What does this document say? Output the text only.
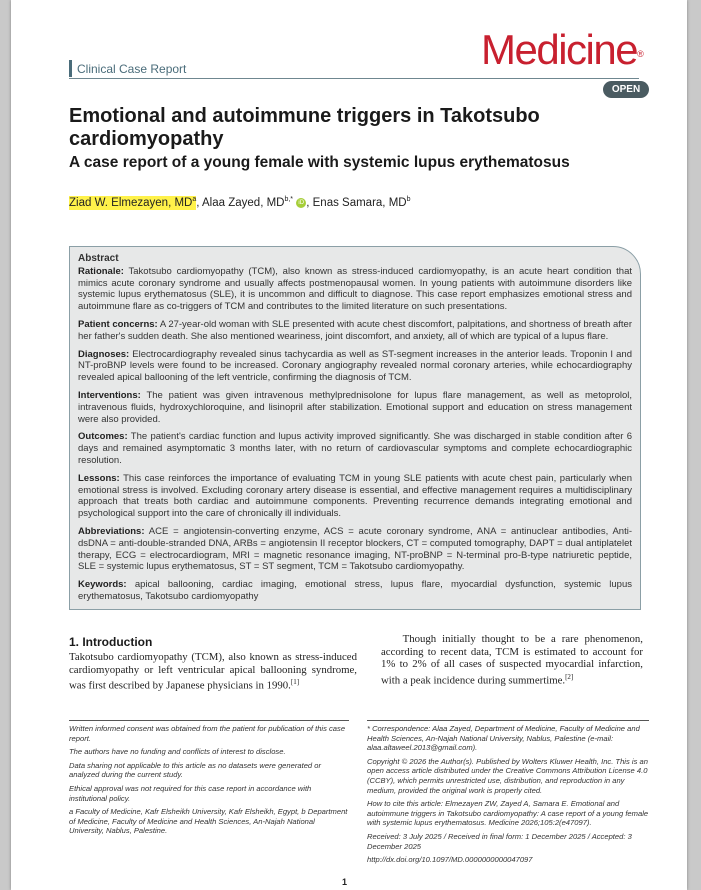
Clinical Case Report	Medicine®
OPEN
Emotional and autoimmune triggers in Takotsubo cardiomyopathy
A case report of a young female with systemic lupus erythematosus
Ziad W. Elmezayen, $MD^a$, Alaa Zayed, $MD^{b,*}$ iD , Enas Samara, $MD^b$
Abstract

Rationale: Takotsubo cardiomyopathy (TCM), also known as stress-induced cardiomyopathy, is an acute heart condition that mimics acute coronary syndrome and usually affects postmenopausal women. In young patients with autoimmune disorders like systemic lupus erythematosus (SLE), it is uncommon and difficult to diagnose. This case report emphasizes emotional stress and autoimmune flare as co-triggers of TCM and contributes to the limited literature on such presentations.

Patient concerns: A 27-year-old woman with SLE presented with acute chest discomfort, palpitations, and shortness of breath after her father's sudden death. She also mentioned weariness, joint discomfort, and anxiety, all of which are typical of a lupus flare.

Diagnoses: Electrocardiography revealed sinus tachycardia as well as ST-segment increases in the anterior leads. Troponin I and NT-proBNP levels were found to be increased. Coronary angiography revealed normal coronary arteries, while echocardiography revealed apical ballooning of the left ventricle, confirming the diagnosis of TCM.

Interventions: The patient was given intravenous methylprednisolone for lupus flare management, as well as metoprolol, intravenous fluids, hydroxychloroquine, and lisinopril after stabilization. Emotional support and education on stress management were also provided.

Outcomes: The patient's cardiac function and lupus activity improved significantly. She was discharged in stable condition after 6 days and remained asymptomatic 3 months later, with no return of cardiovascular symptoms and complete echocardiographic resolution.

Lessons: This case reinforces the importance of evaluating TCM in young SLE patients with acute chest pain, particularly when emotional stress is involved. Excluding coronary artery disease is essential, and effective management requires a multidisciplinary approach that treats both cardiac and autoimmune components. Preventing recurrence demands integrating emotional and psychological support into the care of chronically ill individuals.

Abbreviations: ACE = angiotensin-converting enzyme, ACS = acute coronary syndrome, ANA = antinuclear antibodies, Anti-dsDNA = anti-double-stranded DNA, ARBs = angiotensin II receptor blockers, CT = computed tomography, DAPT = dual antiplatelet therapy, ECG = electrocardiogram, MRI = magnetic resonance imaging, NT-proBNP = N-terminal pro-B-type natriuretic peptide, SLE = systemic lupus erythematosus, ST = ST segment, TCM = Takotsubo cardiomyopathy.

Keywords: apical ballooning, cardiac imaging, emotional stress, lupus flare, myocardial dysfunction, systemic lupus erythematosus, Takotsubo cardiomyopathy

1. Introduction
Takotsubo cardiomyopathy (TCM), also known as stress-induced cardiomyopathy or left ventricular apical ballooning syndrome, was first described by Japanese physicians in 1990.[1]
  Though initially thought to be a rare phenomenon, according to recent data, TCM is estimated to account for 1% to 2% of all cases of suspected myocardial infarction, with a peak incidence during summertime.[2]

Written informed consent was obtained from the patient for publication of this case report.

The authors have no funding and conflicts of interest to disclose.

Data sharing not applicable to this article as no datasets were generated or analyzed during the current study.

Ethical approval was not required for this case report in accordance with institutional policy.

a Faculty of Medicine, Kafr Elsheikh University, Kafr Elsheikh, Egypt, b Department of Medicine, Faculty of Medicine and Health Sciences, An-Najah National University, Nablus, Palestine.

* Correspondence: Alaa Zayed, Department of Medicine, Faculty of Medicine and Health Sciences, An-Najah National University, Nablus, Palestine (e-mail: alaa.altaweel.2013@gmail.com).

Copyright © 2026 the Author(s). Published by Wolters Kluwer Health, Inc. This is an open access article distributed under the Creative Commons Attribution License 4.0 (CCBY), which permits unrestricted use, distribution, and reproduction in any medium, provided the original work is properly cited.

How to cite this article: Elmezayen ZW, Zayed A, Samara E. Emotional and autoimmune triggers in Takotsubo cardiomyopathy: A case report of a young female with systemic lupus erythematosus. Medicine 2026;105:2(e47097).

Received: 3 July 2025 / Received in final form: 1 December 2025 / Accepted: 3 December 2025

http://dx.doi.org/10.1097/MD.0000000000047097

1
